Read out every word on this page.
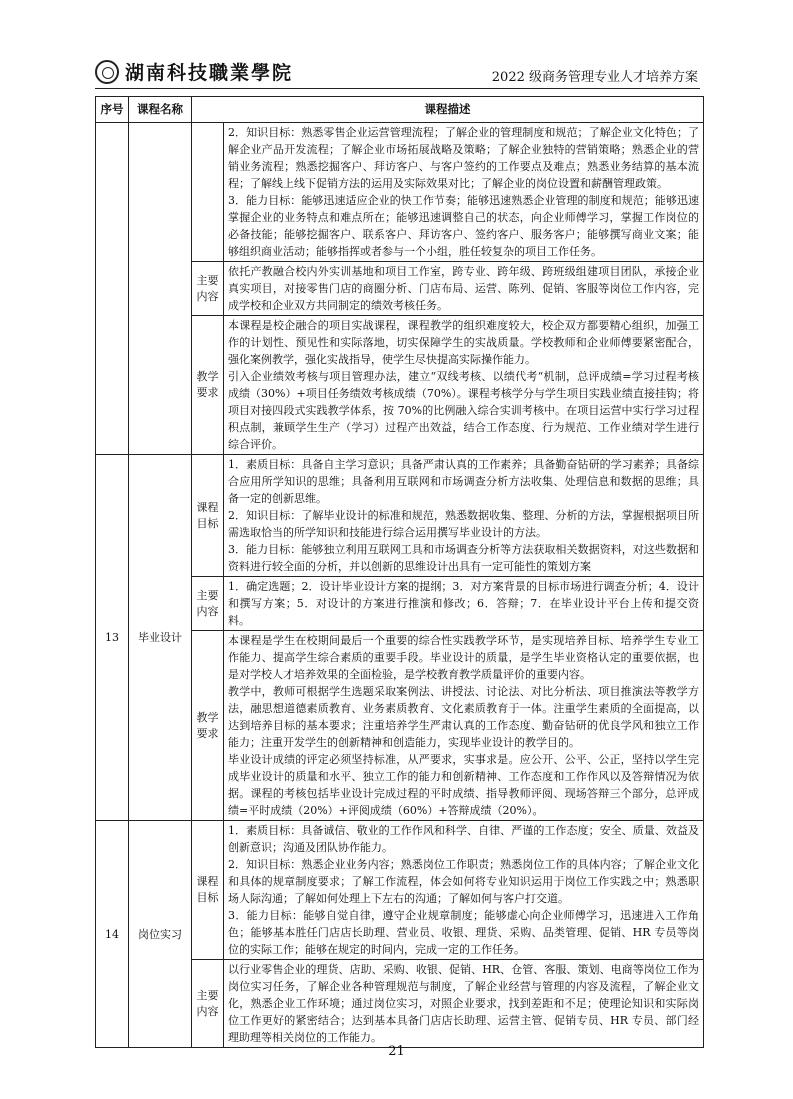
湖南科技職業學院	2022 级商务管理专业人才培养方案
序号	课程名称	课程描述	

			2．知识目标：熟悉零售企业运营管理流程；了解企业的管理制度和规范；了解企业文化特色；了解企业产品开发流程；了解企业市场拓展战略及策略；了解企业独特的营销策略；熟悉企业的营销业务流程；熟悉挖掘客户、拜访客户、与客户签约的工作要点及难点；熟悉业务结算的基本流程；了解线上线下促销方法的运用及实际效果对比；了解企业的岗位设置和薪酬管理政策。
3．能力目标：能够迅速适应企业的快工作节奏；能够迅速熟悉企业管理的制度和规范；能够迅速掌握企业的业务特点和难点所在；能够迅速调整自己的状态，向企业师傅学习，掌握工作岗位的必备技能；能够挖掘客户、联系客户、拜访客户、签约客户、服务客户；能够撰写商业文案；能够组织商业活动；能够指挥或者参与一个小组，胜任较复杂的项目工作任务。

		主要内容	依托产教融合校内外实训基地和项目工作室，跨专业、跨年级、跨班级组建项目团队，承接企业真实项目，对接零售门店的商圈分析、门店布局、运营、陈列、促销、客服等岗位工作内容，完成学校和企业双方共同制定的绩效考核任务。

		教学要求	本课程是校企融合的项目实战课程，课程教学的组织难度较大，校企双方都要精心组织，加强工作的计划性、预见性和实际落地，切实保障学生的实战质量。学校教师和企业师傅要紧密配合，强化案例教学，强化实战指导，使学生尽快提高实际操作能力。
引入企业绩效考核与项目管理办法，建立“双线考核、以绩代考“机制，总评成绩=学习过程考核成绩（30%）+项目任务绩效考核成绩（70%）。课程考核学分与学生项目实践业绩直接挂钩；将项目对接四段式实践教学体系，按 70%的比例融入综合实训考核中。在项目运营中实行学习过程积点制，兼顾学生生产（学习）过程产出效益，结合工作态度、行为规范、工作业绩对学生进行综合评价。

13	毕业设计	课程目标	1．素质目标：具备自主学习意识；具备严肃认真的工作素养；具备勤奋钻研的学习素养；具备综合应用所学知识的思维；具备利用互联网和市场调查分析方法收集、处理信息和数据的思维；具备一定的创新思维。
2．知识目标：了解毕业设计的标准和规范，熟悉数据收集、整理、分析的方法，掌握根据项目所需选取恰当的所学知识和技能进行综合运用撰写毕业设计的方法。
3．能力目标：能够独立利用互联网工具和市场调查分析等方法获取相关数据资料，对这些数据和资料进行较全面的分析，并以创新的思维设计出具有一定可能性的策划方案

		主要内容	1．确定选题；2．设计毕业设计方案的提纲；3．对方案背景的目标市场进行调查分析；4．设计和撰写方案；5．对设计的方案进行推演和修改；6．答辩；7．在毕业设计平台上传和提交资料。

		教学要求	本课程是学生在校期间最后一个重要的综合性实践教学环节，是实现培养目标、培养学生专业工作能力、提高学生综合素质的重要手段。毕业设计的质量，是学生毕业资格认定的重要依据，也是对学校人才培养效果的全面检验，是学校教育教学质量评价的重要内容。
教学中，教师可根据学生选题采取案例法、讲授法、讨论法、对比分析法、项目推演法等教学方法，融思想道德素质教育、业务素质教育、文化素质教育于一体。注重学生素质的全面提高，以达到培养目标的基本要求；注重培养学生严肃认真的工作态度、勤奋钻研的优良学风和独立工作能力；注重开发学生的创新精神和创造能力，实现毕业设计的教学目的。
毕业设计成绩的评定必须坚持标准，从严要求，实事求是。应公开、公平、公正，坚持以学生完成毕业设计的质量和水平、独立工作的能力和创新精神、工作态度和工作作风以及答辩情况为依据。课程的考核包括毕业设计完成过程的平时成绩、指导教师评阅、现场答辩三个部分，总评成绩=平时成绩（20%）+评阅成绩（60%）+答辩成绩（20%）。

14	岗位实习	课程目标	1．素质目标：具备诚信、敬业的工作作风和科学、自律、严谨的工作态度；安全、质量、效益及创新意识；沟通及团队协作能力。
2．知识目标：熟悉企业业务内容；熟悉岗位工作职责；熟悉岗位工作的具体内容；了解企业文化和具体的规章制度要求；了解工作流程，体会如何将专业知识运用于岗位工作实践之中；熟悉职场人际沟通；了解如何处理上下左右的沟通；了解如何与客户打交道。
3．能力目标：能够自觉自律，遵守企业规章制度；能够虚心向企业师傅学习，迅速进入工作角色；能够基本胜任门店店长助理、营业员、收银、理货、采购、品类管理、促销、HR 专员等岗位的实际工作；能够在规定的时间内，完成一定的工作任务。

		主要内容	以行业零售企业的理货、店助、采购、收银、促销、HR、仓管、客服、策划、电商等岗位工作为岗位实习任务，了解企业各种管理规范与制度，了解企业经营与管理的内容及流程，了解企业文化，熟悉企业工作环境；通过岗位实习，对照企业要求，找到差距和不足；使理论知识和实际岗位工作更好的紧密结合；达到基本具备门店店长助理、运营主管、促销专员、HR 专员、部门经理助理等相关岗位的工作能力。
21
